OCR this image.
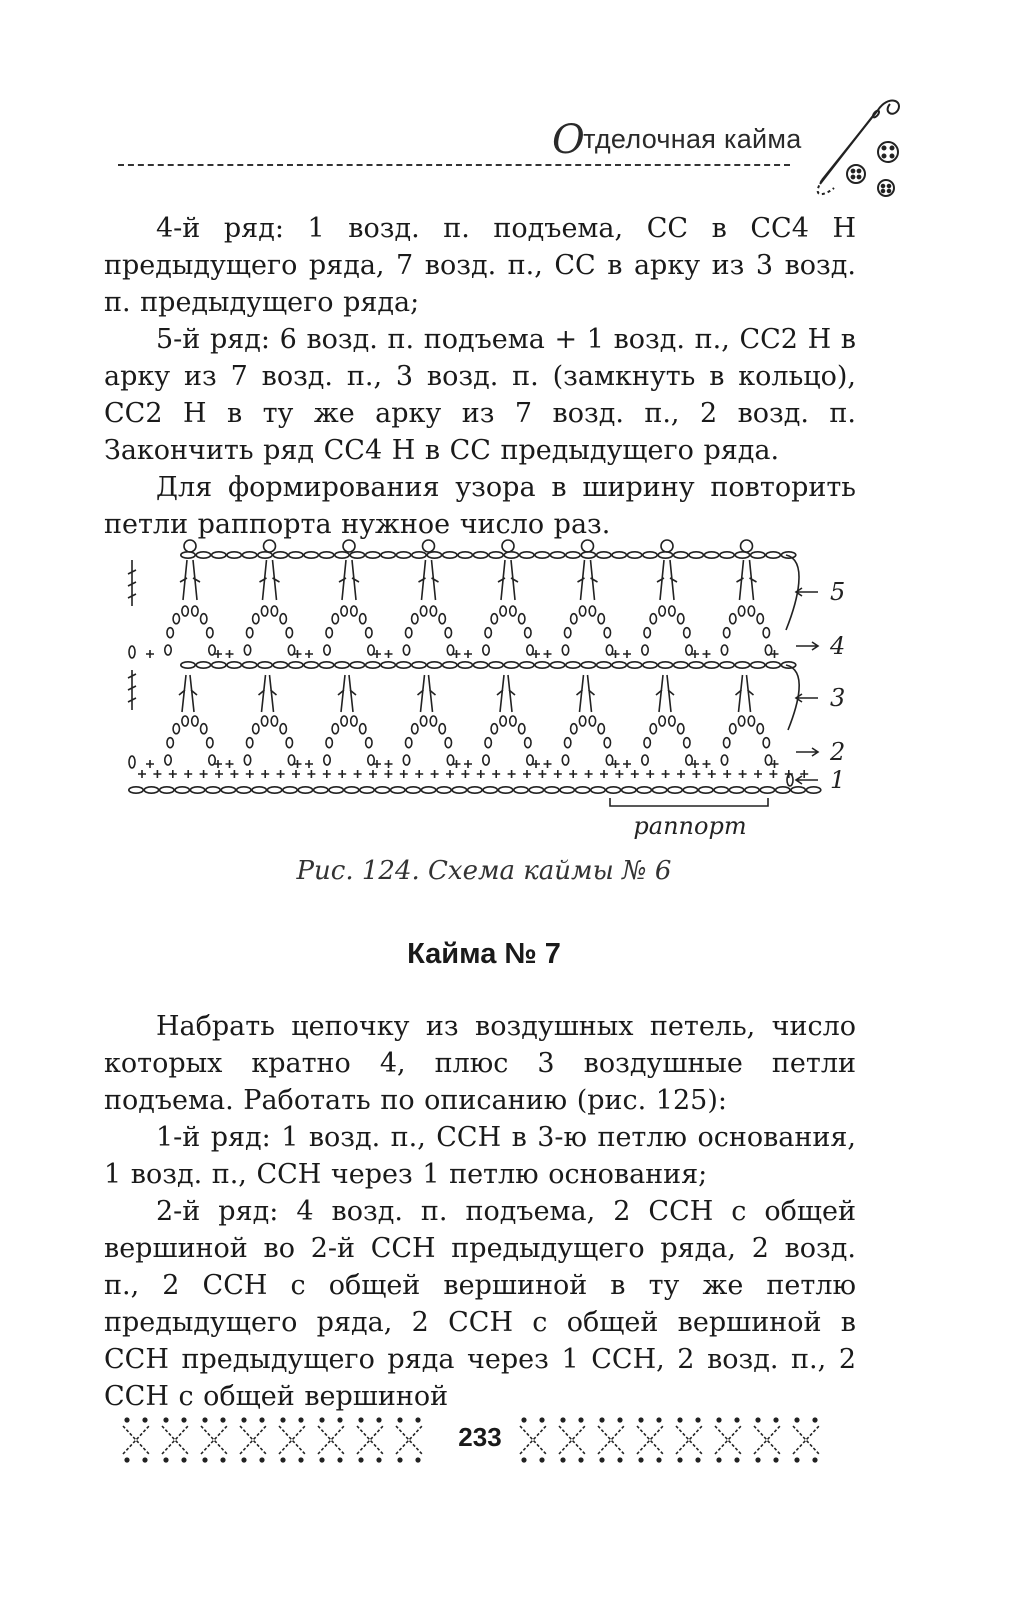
Отделочная кайма

4-й ряд: 1 возд. п. подъема, СС в СС4 Н предыдущего ряда, 7 возд. п., СС в арку из 3 возд. п. предыдущего ряда;

5-й ряд: 6 возд. п. подъема + 1 возд. п., СС2 Н в арку из 7 возд. п., 3 возд. п. (замкнуть в кольцо), СС2 Н в ту же арку из 7 возд. п., 2 возд. п. Закончить ряд СС4 Н в СС предыдущего ряда.

Для формирования узора в ширину повторить петли раппорта нужное число раз.

5
4
3
2
1
раппорт
Рис. 124. Схема каймы № 6
Кайма № 7

Набрать цепочку из воздушных петель, число которых кратно 4, плюс 3 воздушные петли подъема. Работать по описанию (рис. 125):

1-й ряд: 1 возд. п., ССН в 3-ю петлю основания, 1 возд. п., ССН через 1 петлю основания;

2-й ряд: 4 возд. п. подъема, 2 ССН с общей вершиной во 2-й ССН предыдущего ряда, 2 возд. п., 2 ССН с общей вершиной в ту же петлю предыдущего ряда, 2 ССН с общей вершиной в ССН предыдущего ряда через 1 ССН, 2 возд. п., 2 ССН с общей вершиной

233
